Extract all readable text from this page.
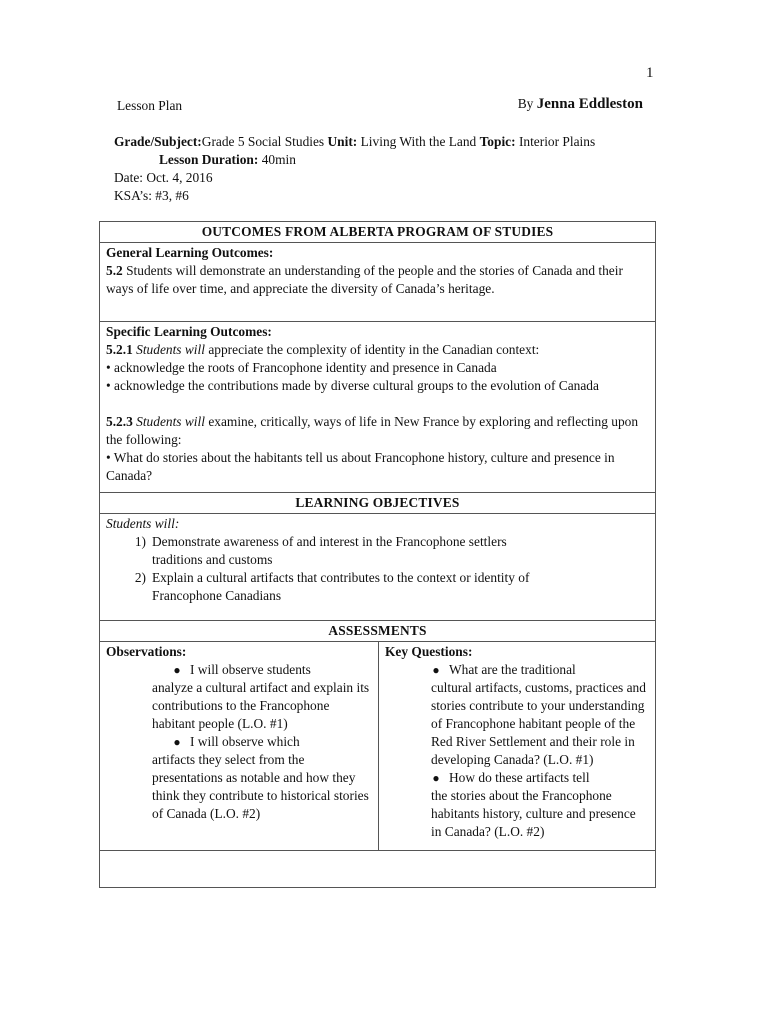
1
Lesson Plan	By Jenna Eddleston
Grade/Subject:Grade 5 Social Studies Unit: Living With the Land Topic: Interior Plains
Lesson Duration: 40min
Date: Oct. 4, 2016
KSA’s: #3, #6
OUTCOMES FROM ALBERTA PROGRAM OF STUDIES

General Learning Outcomes:
5.2 Students will demonstrate an understanding of the people and the stories of Canada and their ways of life over time, and appreciate the diversity of Canada’s heritage.

Specific Learning Outcomes:
5.2.1 Students will appreciate the complexity of identity in the Canadian context:
• acknowledge the roots of Francophone identity and presence in Canada
• acknowledge the contributions made by diverse cultural groups to the evolution of Canada
5.2.3 Students will examine, critically, ways of life in New France by exploring and reflecting upon the following:
• What do stories about the habitants tell us about Francophone history, culture and presence in Canada?

LEARNING OBJECTIVES

Students will:
1) Demonstrate awareness of and interest in the Francophone settlers
traditions and customs
2) Explain a cultural artifacts that contributes to the context or identity of
Francophone Canadians

ASSESSMENTS

Observations:
● I will observe students
analyze a cultural artifact and explain its contributions to the Francophone habitant people (L.O. #1)
● I will observe which
artifacts they select from the presentations as notable and how they think they contribute to historical stories of Canada (L.O. #2)

Key Questions:
● What are the traditional
cultural artifacts, customs, practices and stories contribute to your understanding of Francophone habitant people of the Red River Settlement and their role in developing Canada? (L.O. #1)
● How do these artifacts tell
the stories about the Francophone habitants history, culture and presence in Canada? (L.O. #2)
